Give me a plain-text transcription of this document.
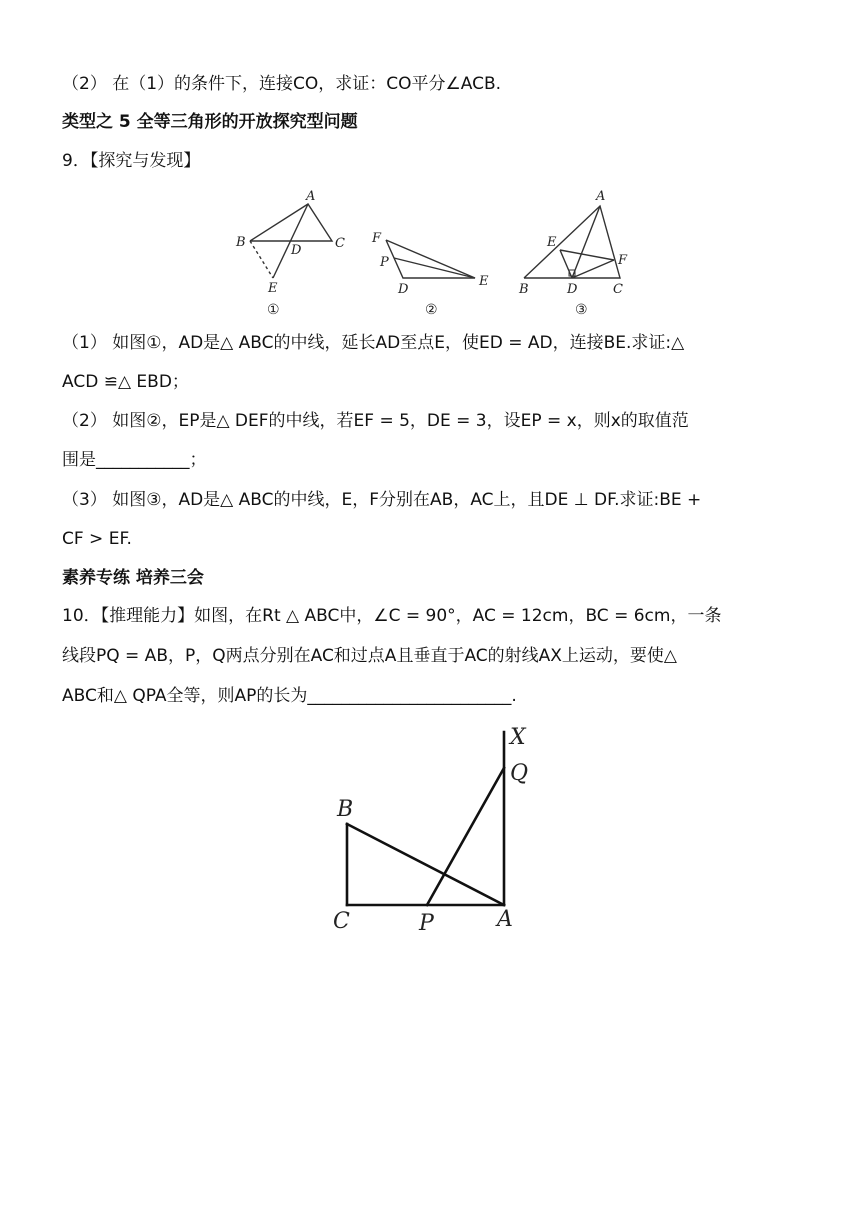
（2） 在（1）的条件下，连接CO，求证：CO平分∠ACB.
类型之 5 全等三角形的开放探究型问题
9．【探究与发现】
A
B	C
D
E
①
F
P
D
E
②
A
E
F
B	D	C
③
（1） 如图①，AD是△ ABC的中线，延长AD至点E，使ED = AD，连接BE.求证:△
ACD ≌△ EBD；
（2） 如图②，EP是△ DEF的中线，若EF = 5，DE = 3，设EP = x，则x的取值范
围是___________；
（3） 如图③，AD是△ ABC的中线，E，F分别在AB，AC上，且DE ⊥ DF.求证:BE +
CF > EF.
素养专练 培养三会
10．【推理能力】如图，在Rt △ ABC中，∠C = 90°，AC = 12cm，BC = 6cm，一条
线段PQ = AB，P，Q两点分别在AC和过点A且垂直于AC的射线AX上运动，要使△
ABC和△ QPA全等，则AP的长为________________________.
X
Q
B
C	P	A
